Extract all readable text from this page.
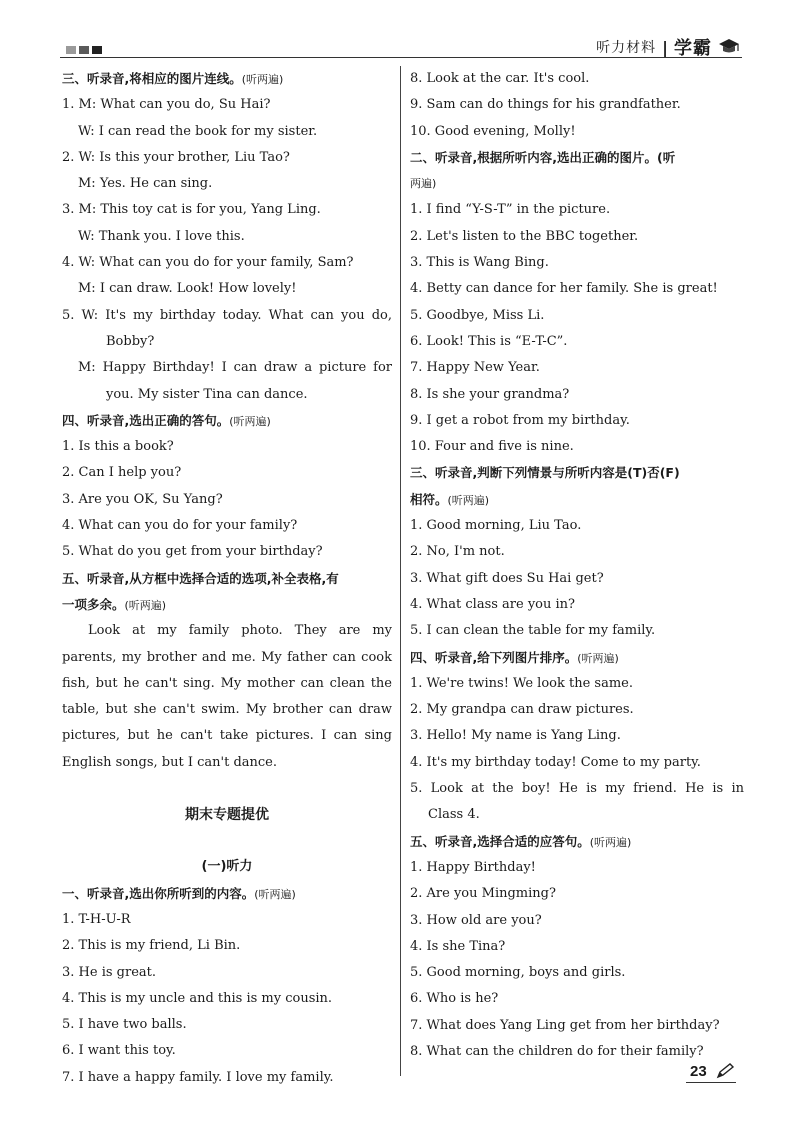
听力材料 | 学霸
三、听录音,将相应的图片连线。(听两遍)
1. M: What can you do, Su Hai?
W: I can read the book for my sister.
2. W: Is this your brother, Liu Tao?
M: Yes. He can sing.
3. M: This toy cat is for you, Yang Ling.
W: Thank you. I love this.
4. W: What can you do for your family, Sam?
M: I can draw. Look! How lovely!
5. W: It's my birthday today. What can you do,
Bobby?
M: Happy Birthday! I can draw a picture for
you. My sister Tina can dance.
四、听录音,选出正确的答句。(听两遍)
1. Is this a book?
2. Can I help you?
3. Are you OK, Su Yang?
4. What can you do for your family?
5. What do you get from your birthday?
五、听录音,从方框中选择合适的选项,补全表格,有
一项多余。(听两遍)

Look at my family photo. They are my parents, my brother and me. My father can cook fish, but he can't sing. My mother can clean the table, but she can't swim. My brother can draw pictures, but he can't take pictures. I can sing English songs, but I can't dance.

期末专题提优
(一)听力
一、听录音,选出你所听到的内容。(听两遍)
1. T-H-U-R
2. This is my friend, Li Bin.
3. He is great.
4. This is my uncle and this is my cousin.
5. I have two balls.
6. I want this toy.
7. I have a happy family. I love my family.
8. Look at the car. It's cool.
9. Sam can do things for his grandfather.
10. Good evening, Molly!
二、听录音,根据所听内容,选出正确的图片。(听
两遍)
1. I find “Y-S-T” in the picture.
2. Let's listen to the BBC together.
3. This is Wang Bing.
4. Betty can dance for her family. She is great!
5. Goodbye, Miss Li.
6. Look! This is “E-T-C”.
7. Happy New Year.
8. Is she your grandma?
9. I get a robot from my birthday.
10. Four and five is nine.
三、听录音,判断下列情景与所听内容是(T)否(F)
相符。(听两遍)
1. Good morning, Liu Tao.
2. No, I'm not.
3. What gift does Su Hai get?
4. What class are you in?
5. I can clean the table for my family.
四、听录音,给下列图片排序。(听两遍)
1. We're twins! We look the same.
2. My grandpa can draw pictures.
3. Hello! My name is Yang Ling.
4. It's my birthday today! Come to my party.
5. Look at the boy! He is my friend. He is in
Class 4.
五、听录音,选择合适的应答句。(听两遍)
1. Happy Birthday!
2. Are you Mingming?
3. How old are you?
4. Is she Tina?
5. Good morning, boys and girls.
6. Who is he?
7. What does Yang Ling get from her birthday?
8. What can the children do for their family?
23
